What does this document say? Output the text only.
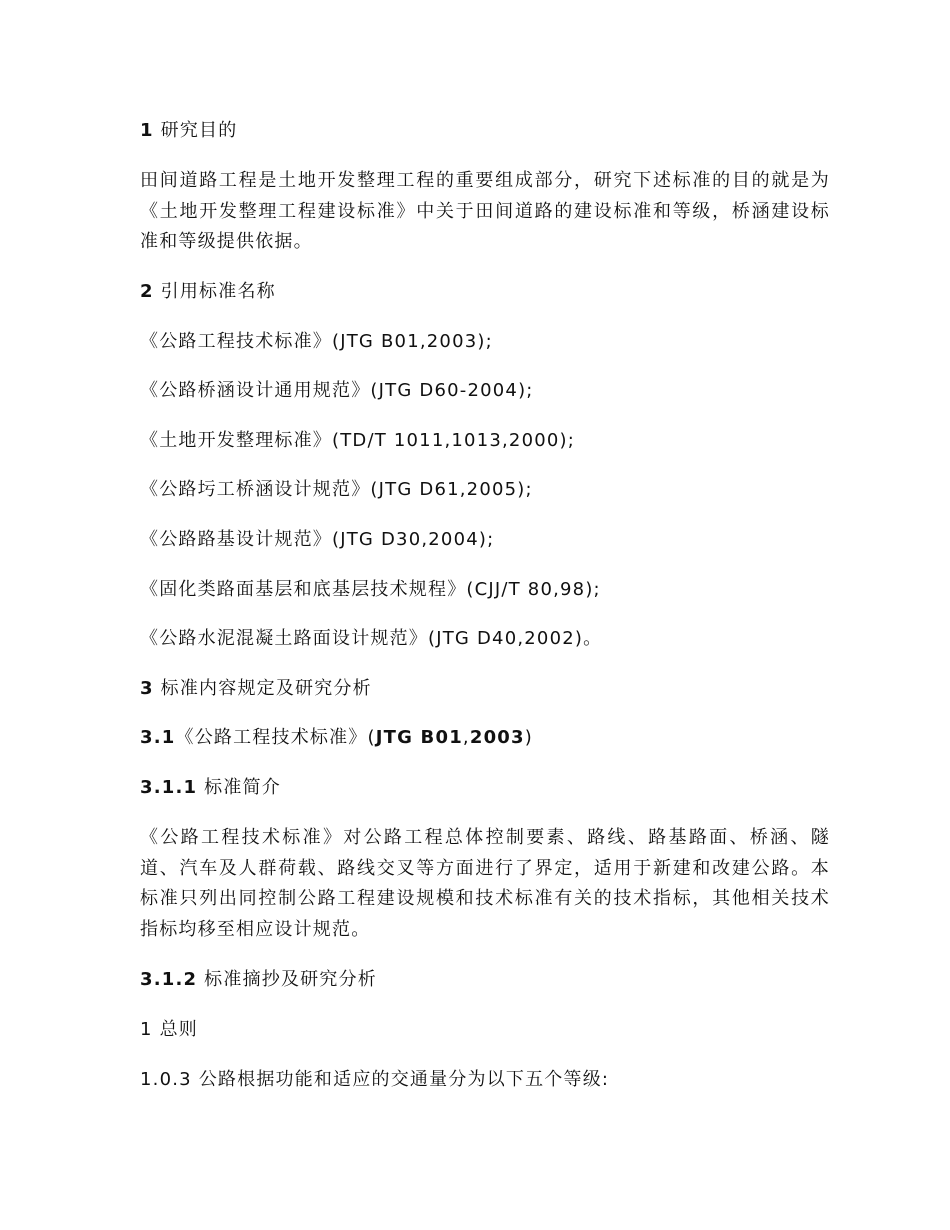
1 研究目的
田间道路工程是土地开发整理工程的重要组成部分，研究下述标准的目的就是为《土地开发整理工程建设标准》中关于田间道路的建设标准和等级，桥涵建设标准和等级提供依据。
2 引用标准名称
《公路工程技术标准》(JTG B01,2003);
《公路桥涵设计通用规范》(JTG D60-2004);
《土地开发整理标准》(TD/T 1011,1013,2000);
《公路圬工桥涵设计规范》(JTG D61,2005);
《公路路基设计规范》(JTG D30,2004);
《固化类路面基层和底基层技术规程》(CJJ/T 80,98);
《公路水泥混凝土路面设计规范》(JTG D40,2002)。
3 标准内容规定及研究分析
3.1《公路工程技术标准》(JTG B01,2003)
3.1.1 标准简介
《公路工程技术标准》对公路工程总体控制要素、路线、路基路面、桥涵、隧道、汽车及人群荷载、路线交叉等方面进行了界定，适用于新建和改建公路。本标准只列出同控制公路工程建设规模和技术标准有关的技术指标，其他相关技术指标均移至相应设计规范。
3.1.2 标准摘抄及研究分析
1 总则
1.0.3 公路根据功能和适应的交通量分为以下五个等级:
